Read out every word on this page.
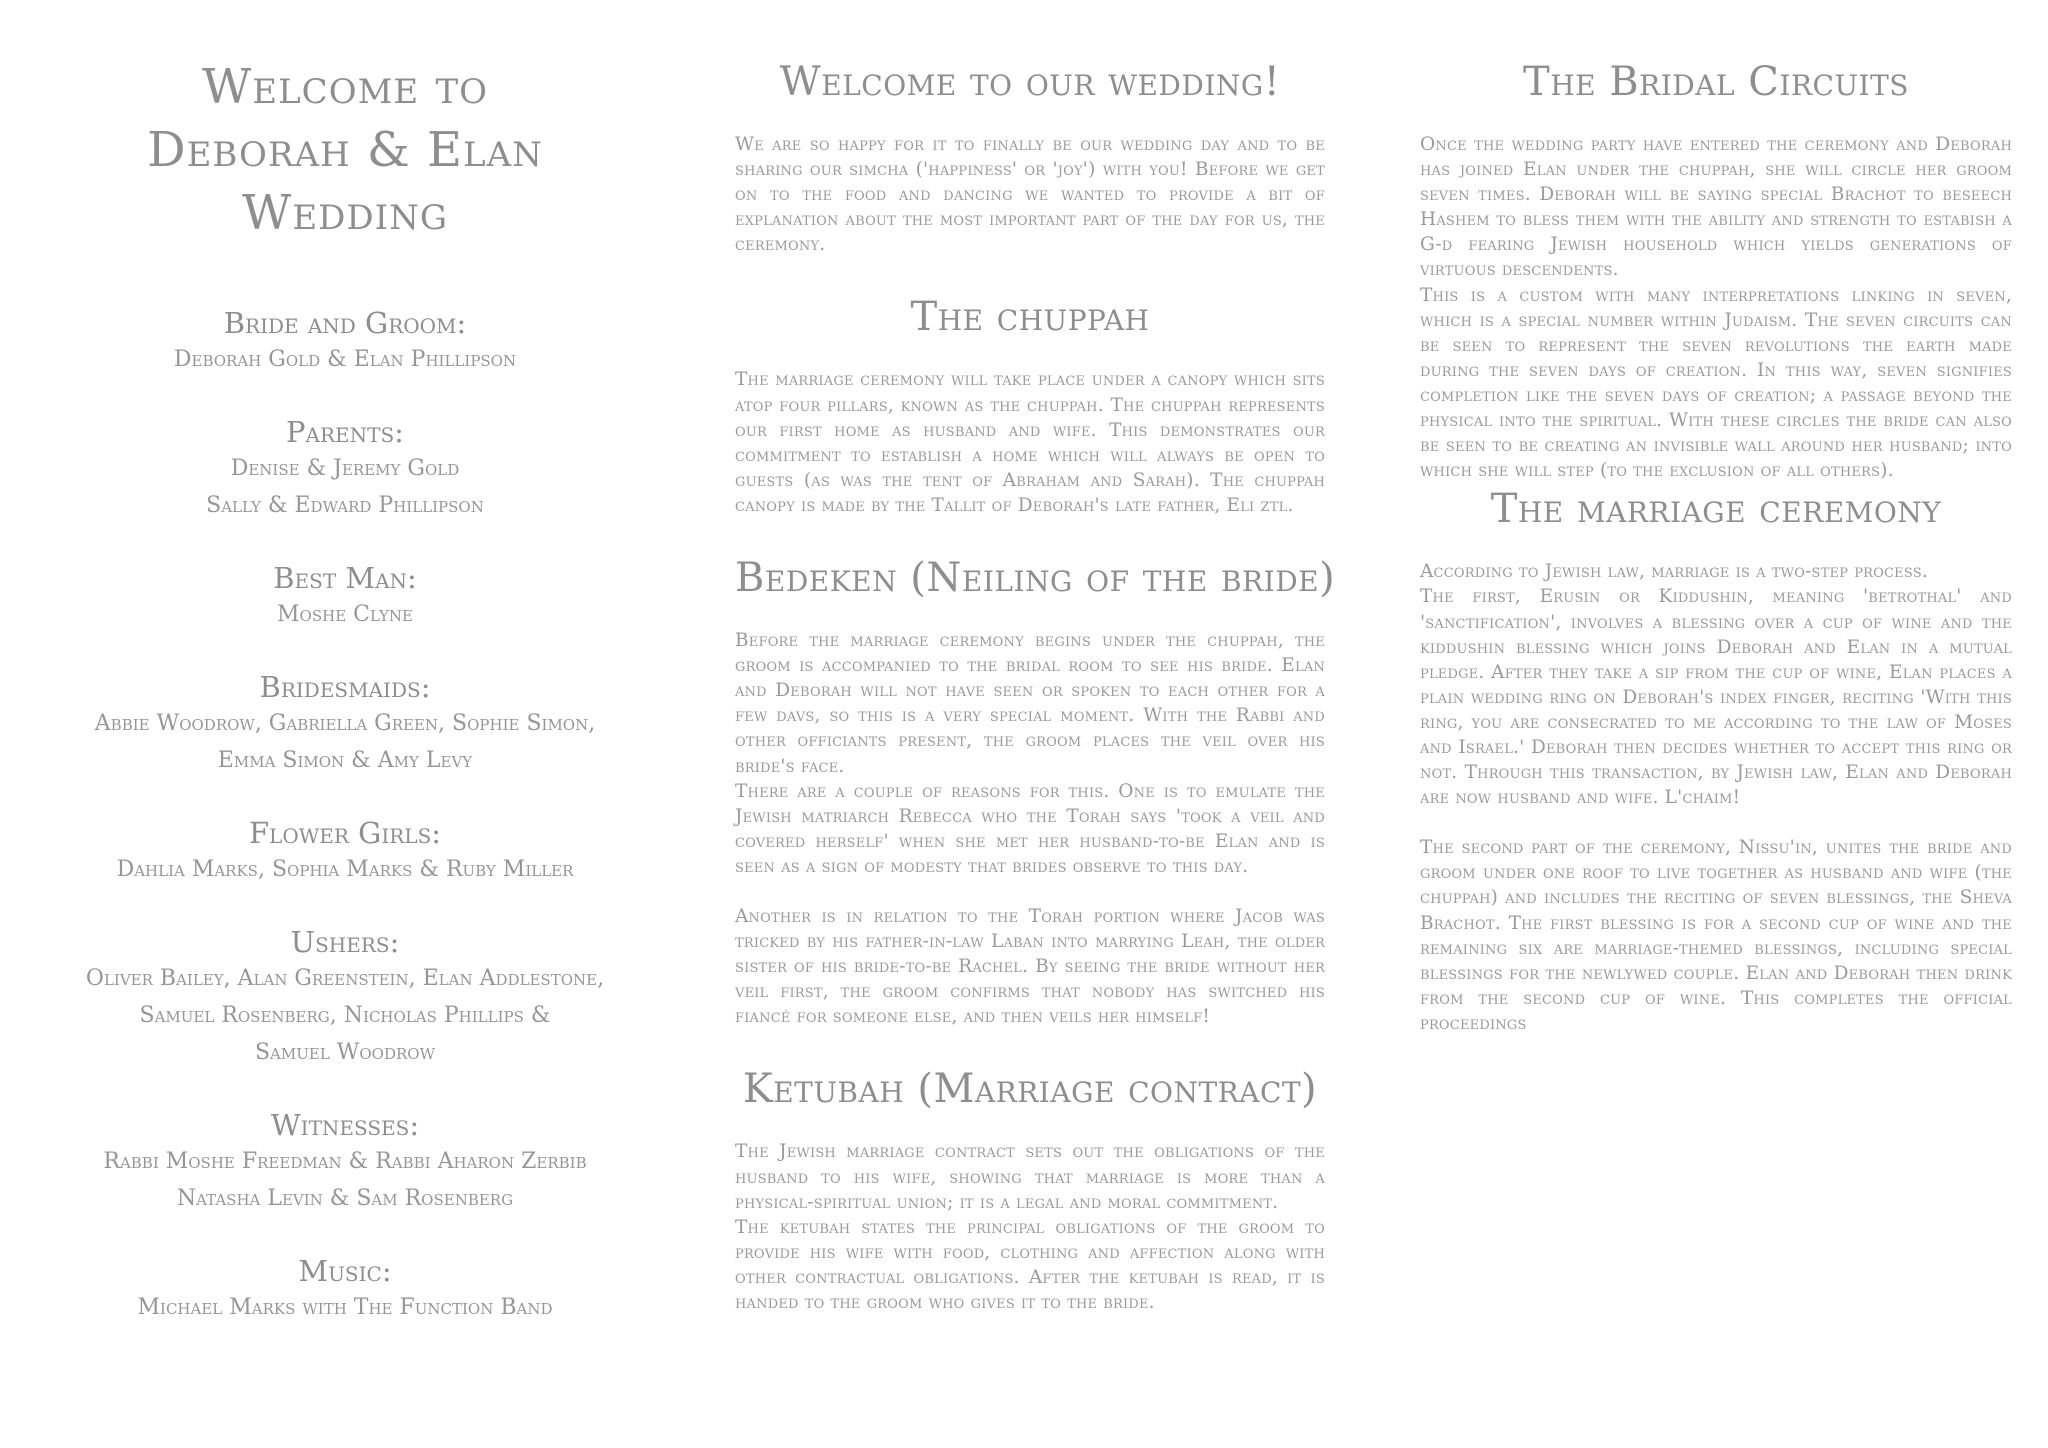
Welcome to
Deborah & Elan
Wedding
Bride and Groom:
Deborah Gold & Elan Phillipson
Parents:
Denise & Jeremy Gold
Sally & Edward Phillipson
Best Man:
Moshe Clyne
Bridesmaids:
Abbie Woodrow, Gabriella Green, Sophie Simon,
Emma Simon & Amy Levy
Flower Girls:
Dahlia Marks, Sophia Marks & Ruby Miller
Ushers:
Oliver Bailey, Alan Greenstein, Elan Addlestone,
Samuel Rosenberg, Nicholas Phillips &
Samuel Woodrow
Witnesses:
Rabbi Moshe Freedman & Rabbi Aharon Zerbib
Natasha Levin & Sam Rosenberg
Music:
Michael Marks with The Function Band
Welcome to our wedding!

We are so happy for it to finally be our wedding day and to be sharing our simcha ('happiness' or 'joy') with you! Before we get on to the food and dancing we wanted to provide a bit of explanation about the most important part of the day for us, the ceremony.

The chuppah

The marriage ceremony will take place under a canopy which sits atop four pillars, known as the chuppah. The chuppah represents our first home as husband and wife. This demonstrates our commitment to establish a home which will always be open to guests (as was the tent of Abraham and Sarah). The chuppah canopy is made by the Tallit of Deborah's late father, Eli ztl.

Bedeken (Neiling of the bride)

Before the marriage ceremony begins under the chuppah, the groom is accompanied to the bridal room to see his bride. Elan and Deborah will not have seen or spoken to each other for a few davs, so this is a very special moment. With the Rabbi and other officiants present, the groom places the veil over his bride's face.

There are a couple of reasons for this. One is to emulate the Jewish matriarch Rebecca who the Torah says 'took a veil and covered herself' when she met her husband-to-be Elan and is seen as a sign of modesty that brides observe to this day.

Another is in relation to the Torah portion where Jacob was tricked by his father-in-law Laban into marrying Leah, the older sister of his bride-to-be Rachel. By seeing the bride without her veil first, the groom confirms that nobody has switched his fiancé for someone else, and then veils her himself!

Ketubah (Marriage contract)

The Jewish marriage contract sets out the obligations of the husband to his wife, showing that marriage is more than a physical-spiritual union; it is a legal and moral commitment.

The ketubah states the principal obligations of the groom to provide his wife with food, clothing and affection along with other contractual obligations. After the ketubah is read, it is handed to the groom who gives it to the bride.

The Bridal Circuits

Once the wedding party have entered the ceremony and Deborah has joined Elan under the chuppah, she will circle her groom seven times. Deborah will be saying special Brachot to beseech Hashem to bless them with the ability and strength to estabish a G-d fearing Jewish household which yields generations of virtuous descendents.

This is a custom with many interpretations linking in seven, which is a special number within Judaism. The seven circuits can be seen to represent the seven revolutions the earth made during the seven days of creation. In this way, seven signifies completion like the seven days of creation; a passage beyond the physical into the spiritual. With these circles the bride can also be seen to be creating an invisible wall around her husband; into which she will step (to the exclusion of all others).

The marriage ceremony

According to Jewish law, marriage is a two-step process.

The first, Erusin or Kiddushin, meaning 'betrothal' and 'sanctification', involves a blessing over a cup of wine and the kiddushin blessing which joins Deborah and Elan in a mutual pledge. After they take a sip from the cup of wine, Elan places a plain wedding ring on Deborah's index finger, reciting 'With this ring, you are consecrated to me according to the law of Moses and Israel.' Deborah then decides whether to accept this ring or not. Through this transaction, by Jewish law, Elan and Deborah are now husband and wife. L'chaim!

The second part of the ceremony, Nissu'in, unites the bride and groom under one roof to live together as husband and wife (the chuppah) and includes the reciting of seven blessings, the Sheva Brachot. The first blessing is for a second cup of wine and the remaining six are marriage-themed blessings, including special blessings for the newlywed couple. Elan and Deborah then drink from the second cup of wine. This completes the official proceedings
